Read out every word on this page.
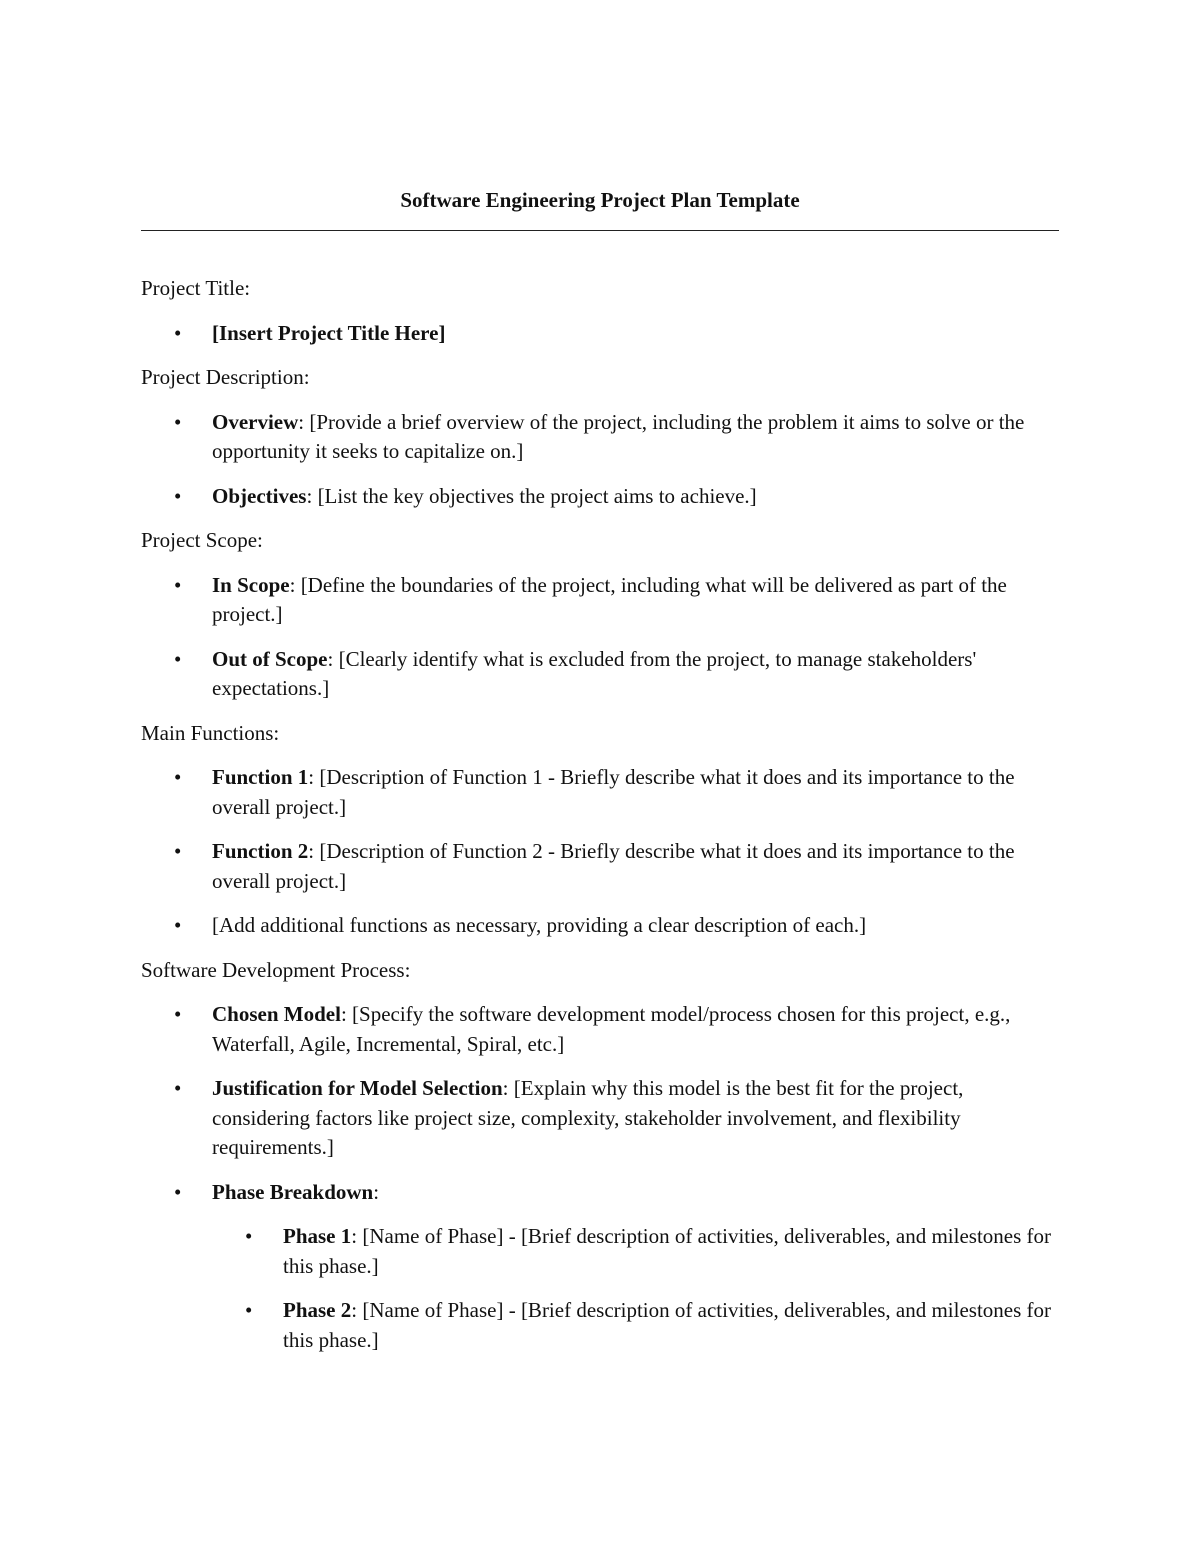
Software Engineering Project Plan Template

Project Title:

• [Insert Project Title Here]

Project Description:

• Overview: [Provide a brief overview of the project, including the problem it aims to solve or the opportunity it seeks to capitalize on.]
• Objectives: [List the key objectives the project aims to achieve.]

Project Scope:

• In Scope: [Define the boundaries of the project, including what will be delivered as part of the project.]
• Out of Scope: [Clearly identify what is excluded from the project, to manage stakeholders' expectations.]

Main Functions:

• Function 1: [Description of Function 1 - Briefly describe what it does and its importance to the overall project.]
• Function 2: [Description of Function 2 - Briefly describe what it does and its importance to the overall project.]
• [Add additional functions as necessary, providing a clear description of each.]

Software Development Process:

• Chosen Model: [Specify the software development model/process chosen for this project, e.g., Waterfall, Agile, Incremental, Spiral, etc.]
• Justification for Model Selection: [Explain why this model is the best fit for the project, considering factors like project size, complexity, stakeholder involvement, and flexibility requirements.]
• Phase Breakdown:
• Phase 1: [Name of Phase] - [Brief description of activities, deliverables, and milestones for this phase.]
• Phase 2: [Name of Phase] - [Brief description of activities, deliverables, and milestones for this phase.]
